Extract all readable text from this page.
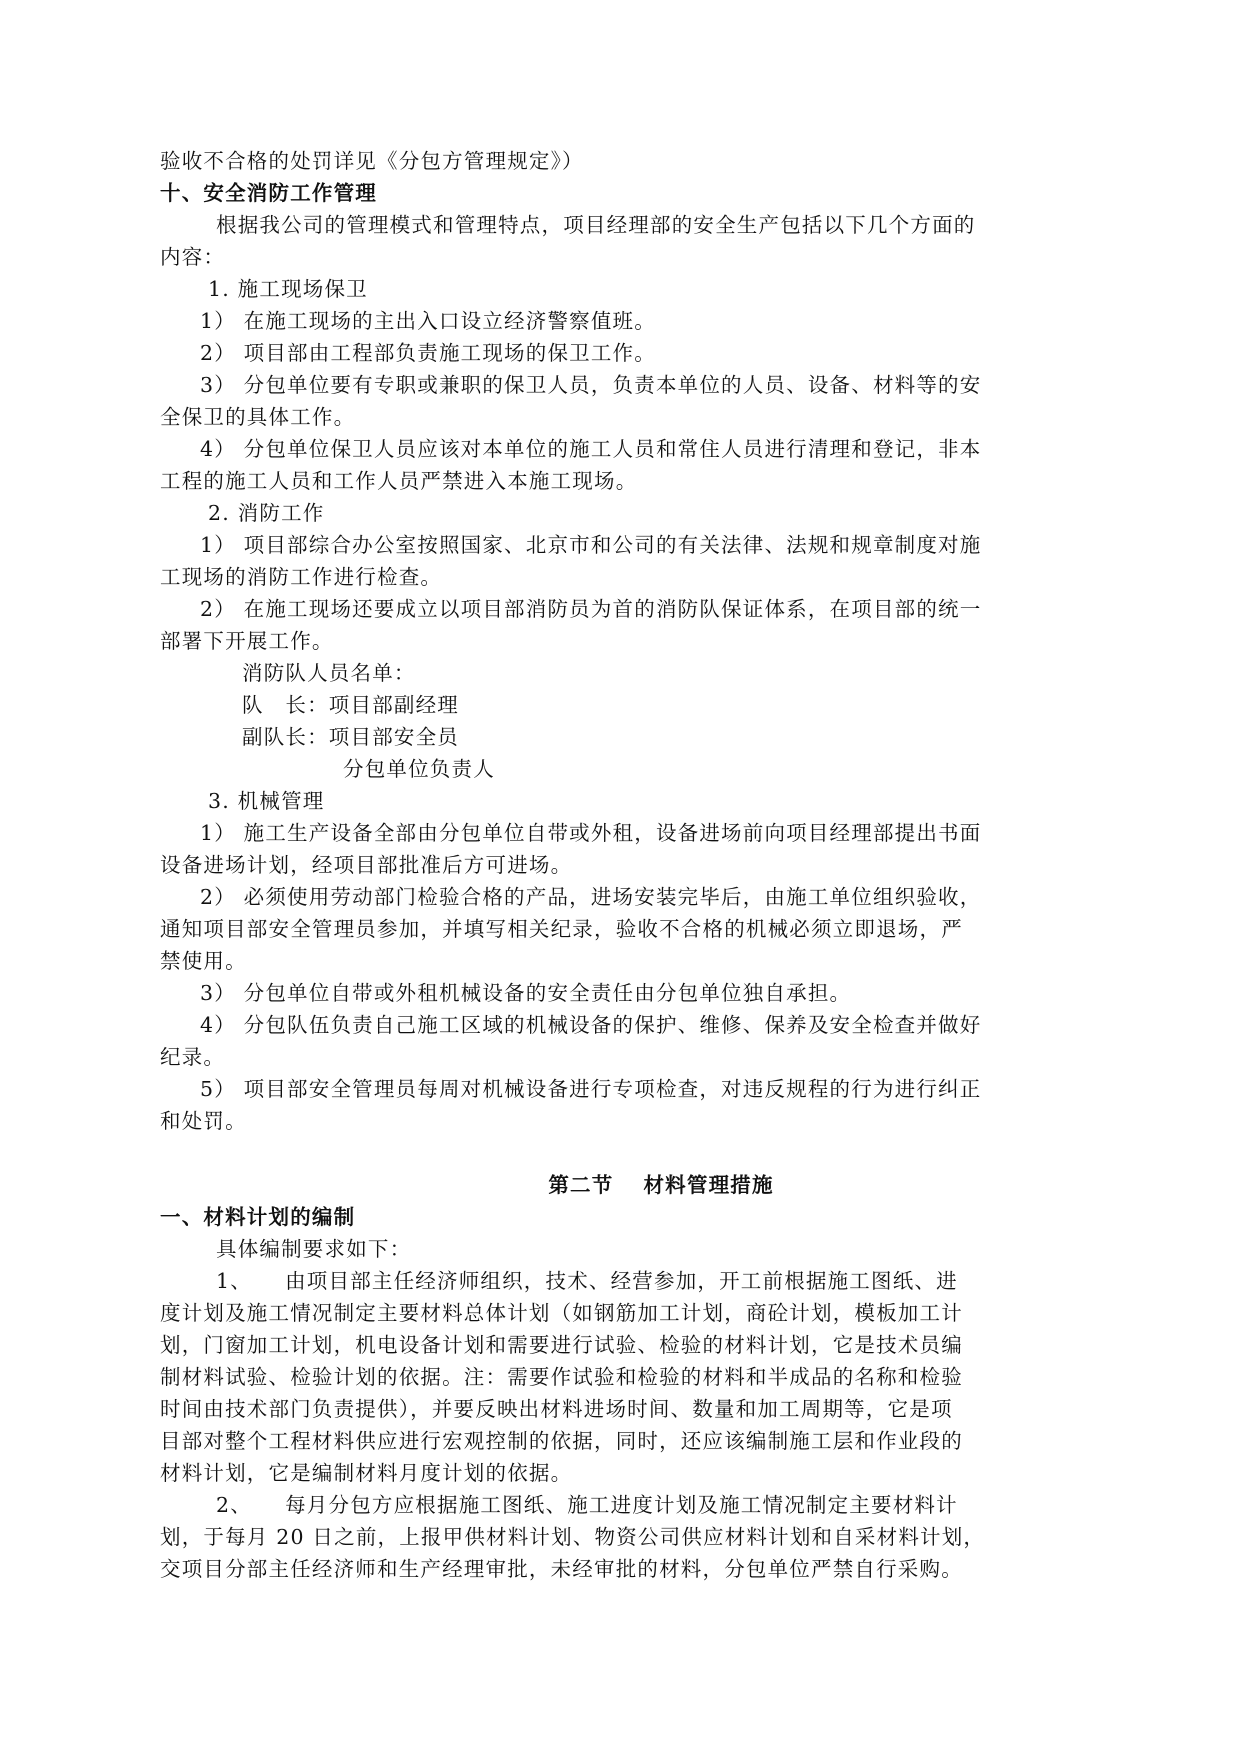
验收不合格的处罚详见《分包方管理规定》）
十、安全消防工作管理
根据我公司的管理模式和管理特点，项目经理部的安全生产包括以下几个方面的
内容：
1. 施工现场保卫
1） 在施工现场的主出入口设立经济警察值班。
2） 项目部由工程部负责施工现场的保卫工作。
3） 分包单位要有专职或兼职的保卫人员，负责本单位的人员、设备、材料等的安
全保卫的具体工作。
4） 分包单位保卫人员应该对本单位的施工人员和常住人员进行清理和登记，非本
工程的施工人员和工作人员严禁进入本施工现场。
2. 消防工作
1） 项目部综合办公室按照国家、北京市和公司的有关法律、法规和规章制度对施
工现场的消防工作进行检查。
2） 在施工现场还要成立以项目部消防员为首的消防队保证体系，在项目部的统一
部署下开展工作。
消防队人员名单：
队　长：项目部副经理
副队长：项目部安全员
分包单位负责人
3. 机械管理
1） 施工生产设备全部由分包单位自带或外租，设备进场前向项目经理部提出书面
设备进场计划，经项目部批准后方可进场。
2） 必须使用劳动部门检验合格的产品，进场安装完毕后，由施工单位组织验收，
通知项目部安全管理员参加，并填写相关纪录，验收不合格的机械必须立即退场，严
禁使用。
3） 分包单位自带或外租机械设备的安全责任由分包单位独自承担。
4） 分包队伍负责自己施工区域的机械设备的保护、维修、保养及安全检查并做好
纪录。
5） 项目部安全管理员每周对机械设备进行专项检查，对违反规程的行为进行纠正
和处罚。
第二节　 材料管理措施
一、材料计划的编制
具体编制要求如下：
1、　　由项目部主任经济师组织，技术、经营参加，开工前根据施工图纸、进
度计划及施工情况制定主要材料总体计划（如钢筋加工计划，商砼计划，模板加工计
划，门窗加工计划，机电设备计划和需要进行试验、检验的材料计划，它是技术员编
制材料试验、检验计划的依据。注：需要作试验和检验的材料和半成品的名称和检验
时间由技术部门负责提供），并要反映出材料进场时间、数量和加工周期等，它是项
目部对整个工程材料供应进行宏观控制的依据，同时，还应该编制施工层和作业段的
材料计划，它是编制材料月度计划的依据。
2、　　每月分包方应根据施工图纸、施工进度计划及施工情况制定主要材料计
划，于每月 20 日之前，上报甲供材料计划、物资公司供应材料计划和自采材料计划，
交项目分部主任经济师和生产经理审批，未经审批的材料，分包单位严禁自行采购。
